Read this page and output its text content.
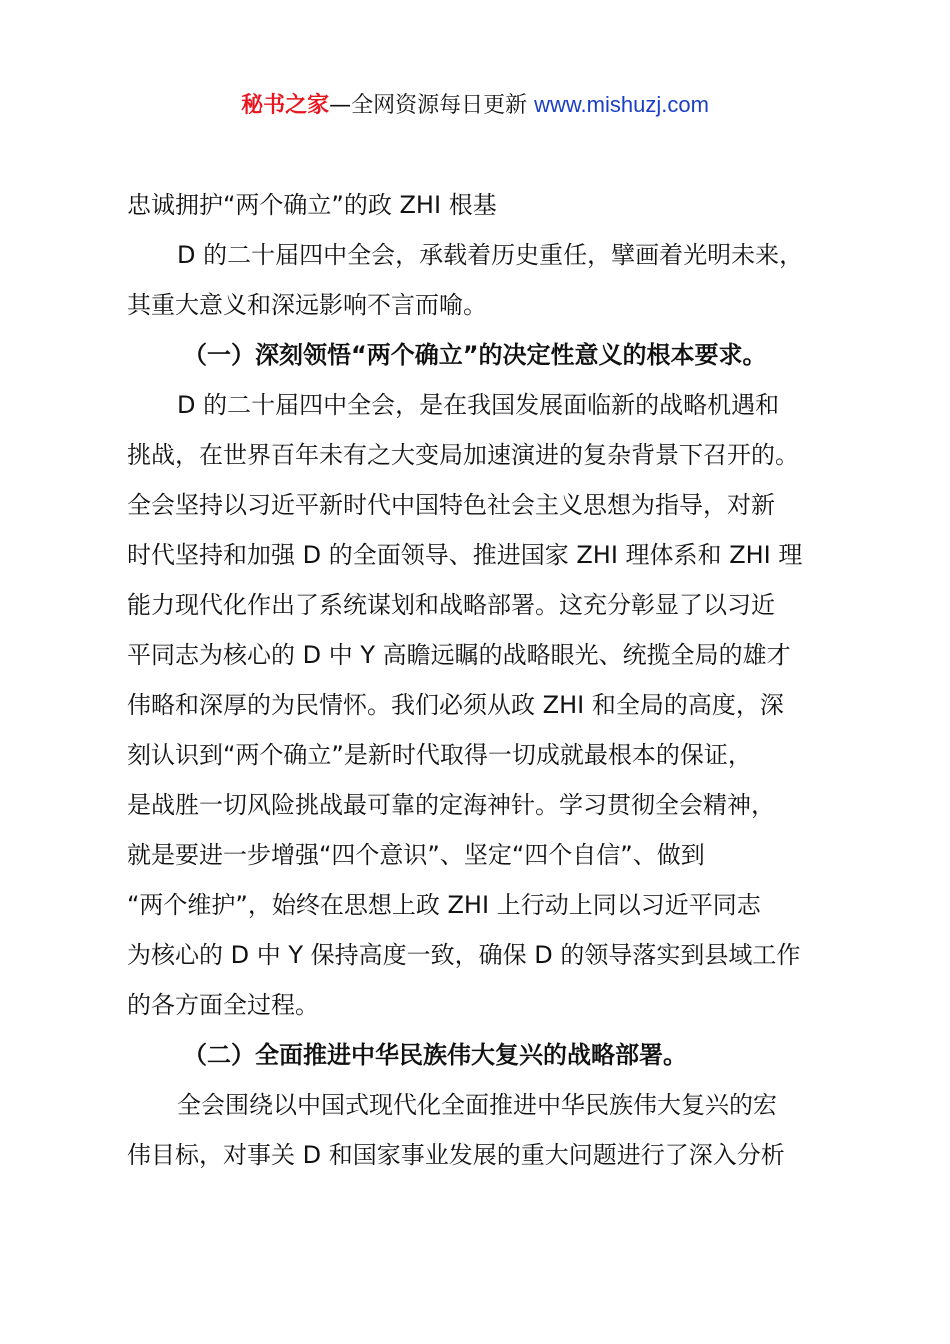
秘书之家—全网资源每日更新 www.mishuzj.com
忠诚拥护“两个确立”的政 ZHI 根基
D 的二十届四中全会，承载着历史重任，擘画着光明未来，
其重大意义和深远影响不言而喻。
（一）深刻领悟“两个确立”的决定性意义的根本要求。
D 的二十届四中全会，是在我国发展面临新的战略机遇和
挑战，在世界百年未有之大变局加速演进的复杂背景下召开的。
全会坚持以习近平新时代中国特色社会主义思想为指导，对新
时代坚持和加强 D 的全面领导、推进国家 ZHI 理体系和 ZHI 理
能力现代化作出了系统谋划和战略部署。这充分彰显了以习近
平同志为核心的 D 中 Y 高瞻远瞩的战略眼光、统揽全局的雄才
伟略和深厚的为民情怀。我们必须从政 ZHI 和全局的高度，深
刻认识到“两个确立”是新时代取得一切成就最根本的保证，
是战胜一切风险挑战最可靠的定海神针。学习贯彻全会精神，
就是要进一步增强“四个意识”、坚定“四个自信”、做到
“两个维护”，始终在思想上政 ZHI 上行动上同以习近平同志
为核心的 D 中 Y 保持高度一致，确保 D 的领导落实到县域工作
的各方面全过程。
（二）全面推进中华民族伟大复兴的战略部署。
全会围绕以中国式现代化全面推进中华民族伟大复兴的宏
伟目标，对事关 D 和国家事业发展的重大问题进行了深入分析
